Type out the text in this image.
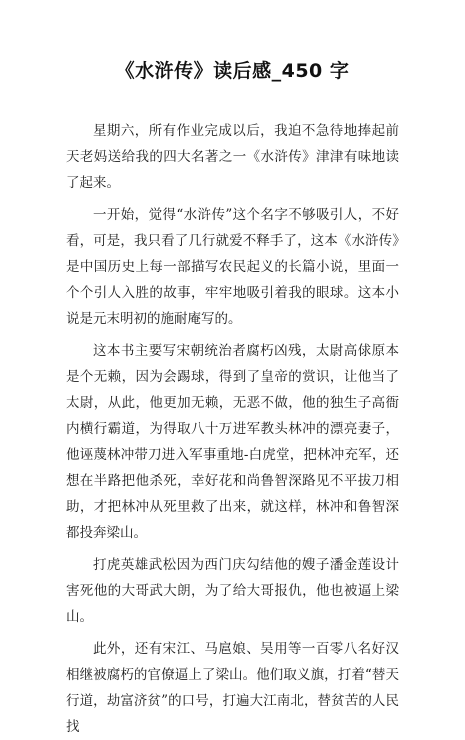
《水浒传》读后感_450 字

星期六，所有作业完成以后，我迫不急待地捧起前天老妈送给我的四大名著之一《水浒传》津津有味地读了起来。

一开始，觉得“水浒传”这个名字不够吸引人，不好看，可是，我只看了几行就爱不释手了，这本《水浒传》是中国历史上每一部描写农民起义的长篇小说，里面一个个引人入胜的故事，牢牢地吸引着我的眼球。这本小说是元末明初的施耐庵写的。

这本书主要写宋朝统治者腐朽凶残，太尉高俅原本是个无赖，因为会踢球，得到了皇帝的赏识，让他当了太尉，从此，他更加无赖，无恶不做，他的独生子高衙内横行霸道，为得取八十万进军教头林冲的漂亮妻子，他诬蔑林冲带刀进入军事重地-白虎堂，把林冲充军，还想在半路把他杀死，幸好花和尚鲁智深路见不平拔刀相助，才把林冲从死里救了出来，就这样，林冲和鲁智深都投奔梁山。

打虎英雄武松因为西门庆勾结他的嫂子潘金莲设计害死他的大哥武大朗，为了给大哥报仇，他也被逼上梁山。

此外，还有宋江、马扈娘、吴用等一百零八名好汉相继被腐朽的官僚逼上了梁山。他们取义旗，打着“替天行道，劫富济贫”的口号，打遍大江南北，替贫苦的人民找
